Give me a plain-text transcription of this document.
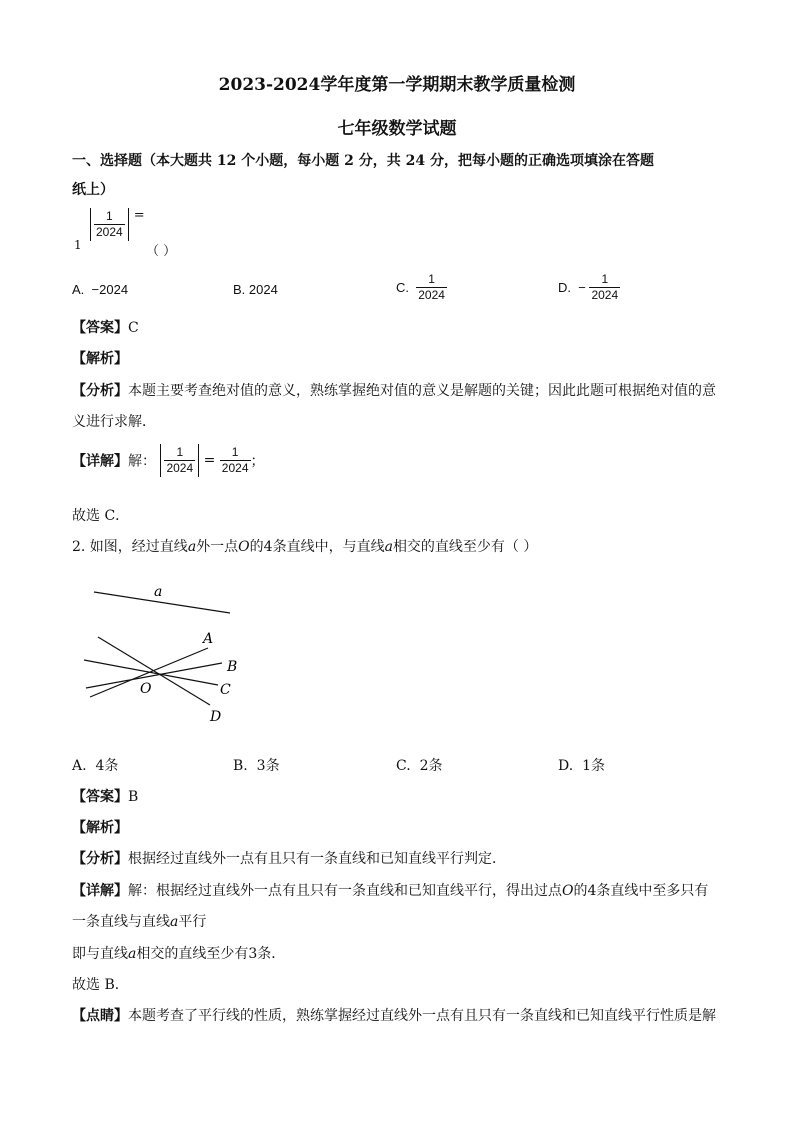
2023-2024学年度第一学期期末教学质量检测
七年级数学试题
一、选择题（本大题共 12 个小题，每小题 2 分，共 24 分，把每小题的正确选项填涂在答题
纸上）
1
$\frac{1}{2024} ^=$
（ ）
A. −2024	B. 2024	C. $\frac{1}{2024}$	D. − $\frac{1}{2024}$
【答案】C
【解析】
【分析】本题主要考查绝对值的意义，熟练掌握绝对值的意义是解题的关键；因此此题可根据绝对值的意
义进行求解．
【详解】解： $\frac{1}{2024} = \frac{1}{2024}$ ；
故选 C．
2. 如图，经过直线a外一点O的4条直线中，与直线a相交的直线至少有（ ）
a
A
B
C
D
O
A. 4条	B. 3条	C. 2条	D. 1条
【答案】B
【解析】
【分析】根据经过直线外一点有且只有一条直线和已知直线平行判定．
【详解】解：根据经过直线外一点有且只有一条直线和已知直线平行，得出过点O的4条直线中至多只有
一条直线与直线a平行
即与直线a相交的直线至少有3条．
故选 B．
【点睛】本题考查了平行线的性质，熟练掌握经过直线外一点有且只有一条直线和已知直线平行性质是解
